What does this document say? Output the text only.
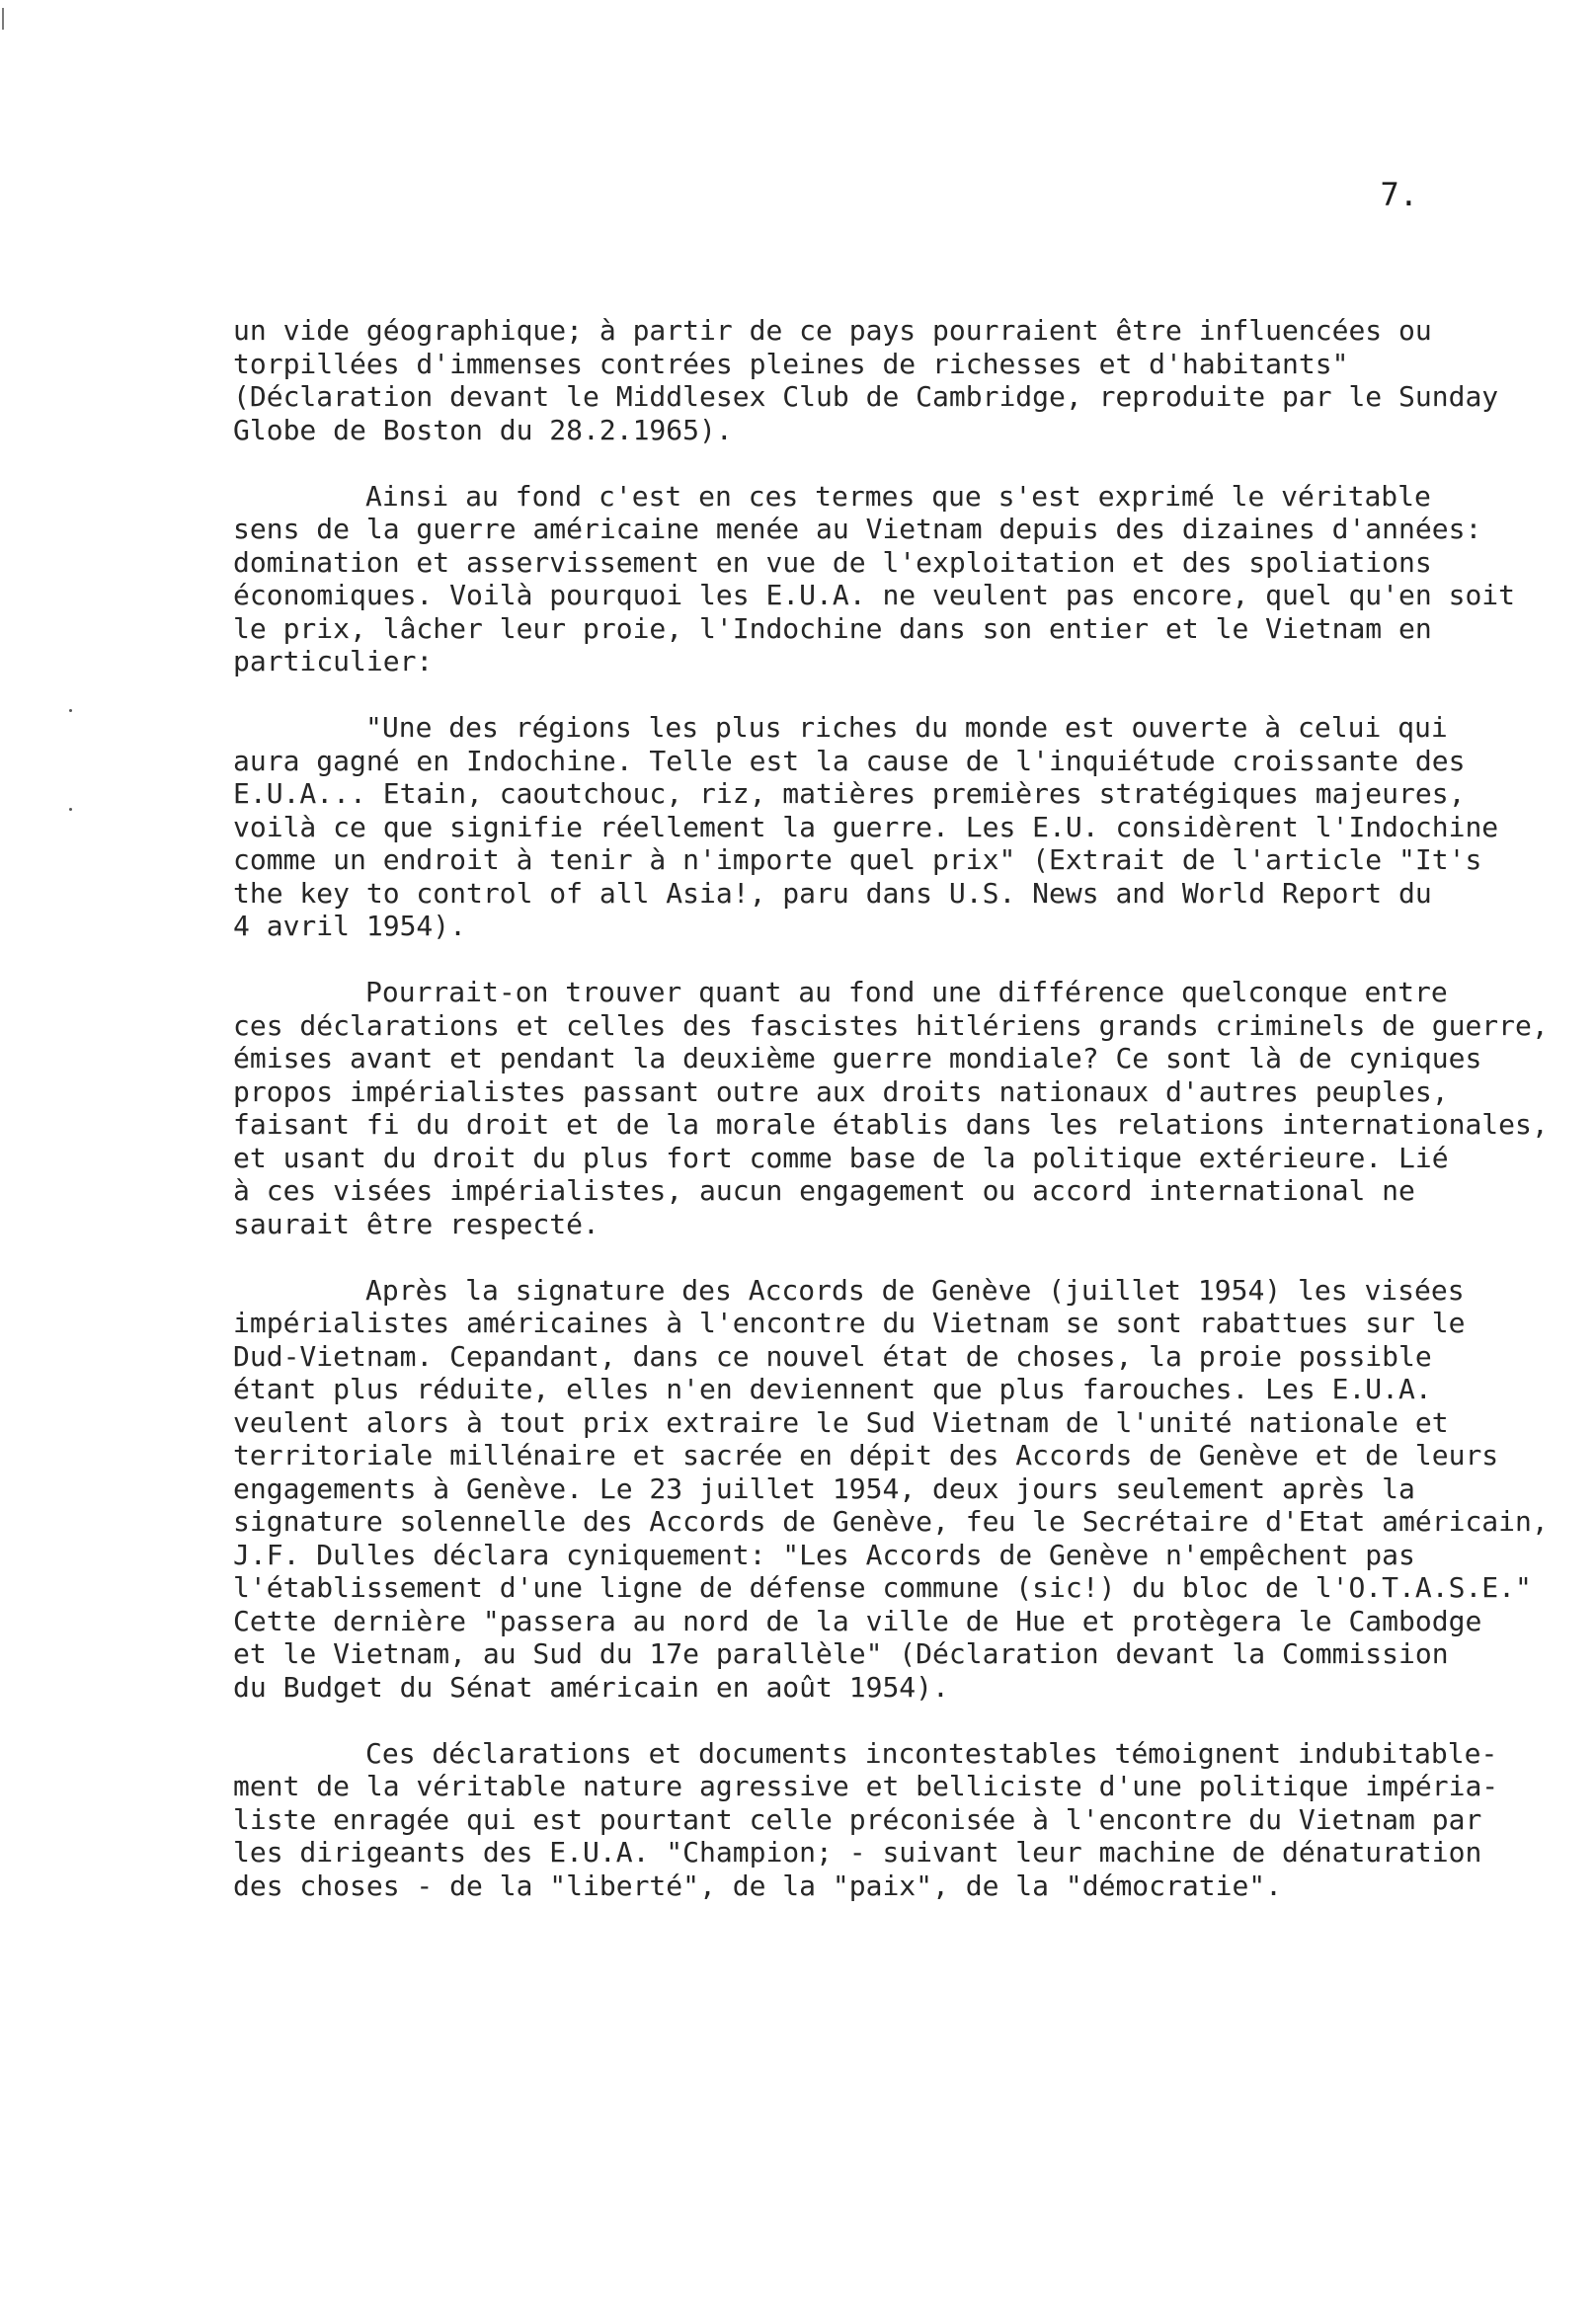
7.
un vide géographique; à partir de ce pays pourraient être influencées ou
torpillées d'immenses contrées pleines de richesses et d'habitants"
(Déclaration devant le Middlesex Club de Cambridge, reproduite par le Sunday
Globe de Boston du 28.2.1965).
Ainsi au fond c'est en ces termes que s'est exprimé le véritable
sens de la guerre américaine menée au Vietnam depuis des dizaines d'années:
domination et asservissement en vue de l'exploitation et des spoliations
économiques. Voilà pourquoi les E.U.A. ne veulent pas encore, quel qu'en soit
le prix, lâcher leur proie, l'Indochine dans son entier et le Vietnam en
particulier:
"Une des régions les plus riches du monde est ouverte à celui qui
aura gagné en Indochine. Telle est la cause de l'inquiétude croissante des
E.U.A... Etain, caoutchouc, riz, matières premières stratégiques majeures,
voilà ce que signifie réellement la guerre. Les E.U. considèrent l'Indochine
comme un endroit à tenir à n'importe quel prix" (Extrait de l'article "It's
the key to control of all Asia!, paru dans U.S. News and World Report du
4 avril 1954).
Pourrait-on trouver quant au fond une différence quelconque entre
ces déclarations et celles des fascistes hitlériens grands criminels de guerre,
émises avant et pendant la deuxième guerre mondiale? Ce sont là de cyniques
propos impérialistes passant outre aux droits nationaux d'autres peuples,
faisant fi du droit et de la morale établis dans les relations internationales,
et usant du droit du plus fort comme base de la politique extérieure. Lié
à ces visées impérialistes, aucun engagement ou accord international ne
saurait être respecté.
Après la signature des Accords de Genève (juillet 1954) les visées
impérialistes américaines à l'encontre du Vietnam se sont rabattues sur le
Dud-Vietnam. Cepandant, dans ce nouvel état de choses, la proie possible
étant plus réduite, elles n'en deviennent que plus farouches. Les E.U.A.
veulent alors à tout prix extraire le Sud Vietnam de l'unité nationale et
territoriale millénaire et sacrée en dépit des Accords de Genève et de leurs
engagements à Genève. Le 23 juillet 1954, deux jours seulement après la
signature solennelle des Accords de Genève, feu le Secrétaire d'Etat américain,
J.F. Dulles déclara cyniquement: "Les Accords de Genève n'empêchent pas
l'établissement d'une ligne de défense commune (sic!) du bloc de l'O.T.A.S.E."
Cette dernière "passera au nord de la ville de Hue et protègera le Cambodge
et le Vietnam, au Sud du 17e parallèle" (Déclaration devant la Commission
du Budget du Sénat américain en août 1954).
Ces déclarations et documents incontestables témoignent indubitable-
ment de la véritable nature agressive et belliciste d'une politique impéria-
liste enragée qui est pourtant celle préconisée à l'encontre du Vietnam par
les dirigeants des E.U.A. "Champion; - suivant leur machine de dénaturation
des choses - de la "liberté", de la "paix", de la "démocratie".
